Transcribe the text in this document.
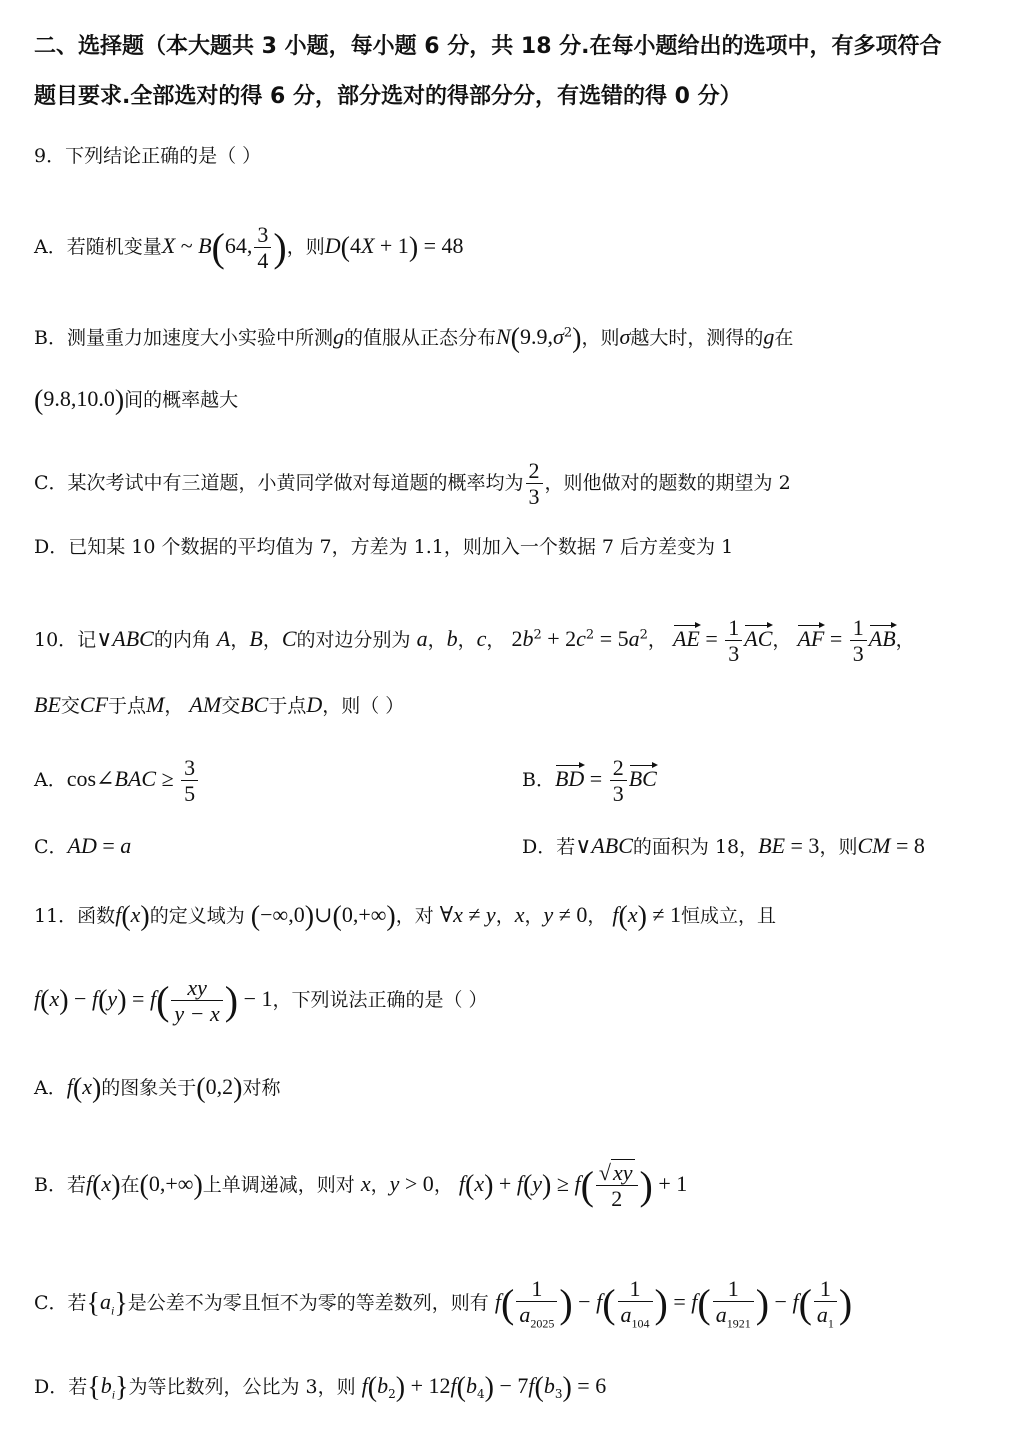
二、选择题（本大题共 3 小题，每小题 6 分，共 18 分.在每小题给出的选项中，有多项符合
题目要求.全部选对的得 6 分，部分选对的得部分分，有选错的得 0 分）
9．下列结论正确的是（ ）
A．若随机变量X ~ B(64, $\frac{3}{4}$ )，则D(4X + 1) = 48
B．测量重力加速度大小实验中所测g的值服从正态分布$N(9.9,\sigma^2)$，则σ越大时，测得的g在
(9.8,10.0)间的概率越大
C．某次考试中有三道题，小黄同学做对每道题的概率均为 $\frac{2}{3}$ ，则他做对的题数的期望为 2
D．已知某 10 个数据的平均值为 7，方差为 1.1，则加入一个数据 7 后方差变为 1
10．记∨ABC的内角 A，B，C的对边分别为 a，b，c， $2b^2 + 2c^2 = 5a^2$， AE = $\frac{1}{3}$ AC， AF = $\frac{1}{3}$ AB，
BE交CF于点M， AM交BC于点D，则（ ）
A．cos∠BAC ≥ $\frac{3}{5}$	B．BD = $\frac{2}{3}$ BC
C．AD = a	D．若∨ABC的面积为 18，BE = 3，则CM = 8
11．函数f(x)的定义域为 (−∞,0)∪(0,+∞)，对 ∀x ≠ y，x，y ≠ 0， f(x) ≠ 1恒成立，且
$f(x) - f(y) = f( \frac{xy}{y - x}$ ) − 1，下列说法正确的是（ ）
A．f(x)的图象关于(0,2)对称
B．若f(x)在(0,+∞)上单调递减，则对 x，y > 0， $f(x) + f(y) \ge f( \frac{√xy}{2}$ ) + 1
C．若$\{a_i\}$是公差不为零且恒不为零的等差数列，则有 $f( \frac{1}{a_{2025}}$ ) − $f( \frac{1}{a_{104}}$ ) = $f( \frac{1}{a_{1921}}$ ) − $f( \frac{1}{a_1}$ )
D．若$\{b_i\}$为等比数列，公比为 3，则 $f(b_2) + 12f(b_4) - 7f(b_3) = 6$
